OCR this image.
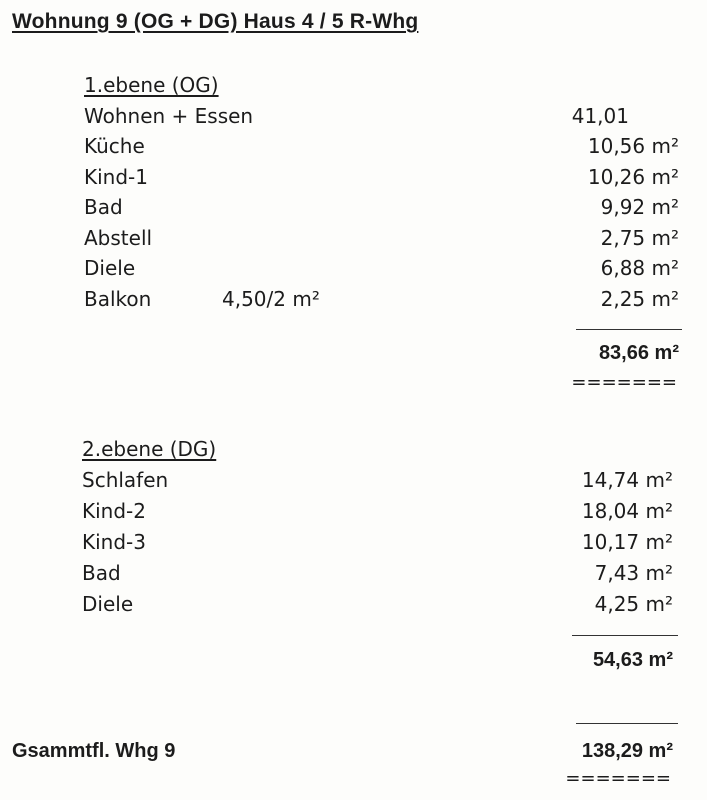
Wohnung 9 (OG + DG) Haus 4 / 5 R-Whg
1.ebene (OG)
Wohnen + Essen	41,01
Küche	10,56 m²
Kind-1	10,26 m²
Bad	9,92 m²
Abstell	2,75 m²
Diele	6,88 m²
Balkon	4,50/2 m²	2,25 m²
83,66 m²
=======
2.ebene (DG)
Schlafen	14,74 m²
Kind-2	18,04 m²
Kind-3	10,17 m²
Bad	7,43 m²
Diele	4,25 m²
54,63 m²
Gsammtfl. Whg 9	138,29 m²
=======
